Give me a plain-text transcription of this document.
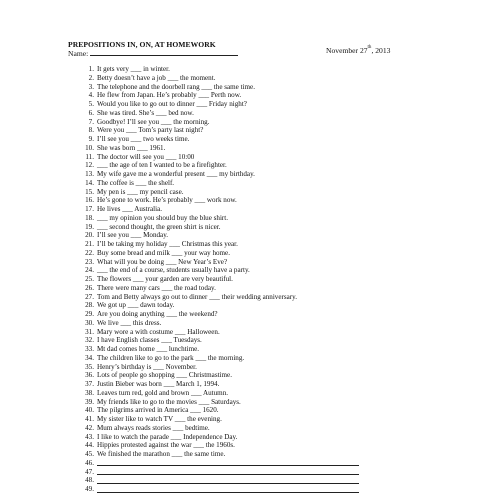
PREPOSITIONS IN, ON, AT HOMEWORK
Name:	November 27th, 2013
1. It gets very ___ in winter.
2. Betty doesn’t have a job ___ the moment.
3. The telephone and the doorbell rang ___ the same time.
4. He flew from Japan. He’s probably ___ Perth now.
5. Would you like to go out to dinner ___ Friday night?
6. She was tired. She’s ___ bed now.
7. Goodbye! I’ll see you ___ the morning.
8. Were you ___ Tom’s party last night?
9. I’ll see you ___ two weeks time.
10. She was born ___ 1961.
11. The doctor will see you ___ 10:00
12. ___ the age of ten I wanted to be a firefighter.
13. My wife gave me a wonderful present ___ my birthday.
14. The coffee is ___ the shelf.
15. My pen is ___ my pencil case.
16. He’s gone to work. He’s probably ___ work now.
17. He lives ___ Australia.
18. ___ my opinion you should buy the blue shirt.
19. ___ second thought, the green shirt is nicer.
20. I’ll see you ___ Monday.
21. I’ll be taking my holiday ___ Christmas this year.
22. Buy some bread and milk ___ your way home.
23. What will you be doing ___ New Year’s Eve?
24. ___ the end of a course, students usually have a party.
25. The flowers ___ your garden are very beautiful.
26. There were many cars ___ the road today.
27. Tom and Betty always go out to dinner ___ their wedding anniversary.
28. We got up ___ dawn today.
29. Are you doing anything ___ the weekend?
30. We live ___ this dress.
31. Mary wore a with costume ___ Halloween.
32. I have English classes ___ Tuesdays.
33. Mt dad comes home ___ lunchtime.
34. The children like to go to the park ___ the morning.
35. Henry’s birthday is ___ November.
36. Lots of people go shopping ___ Christmastime.
37. Justin Bieber was born ___ March 1, 1994.
38. Leaves turn red, gold and brown ___ Autumn.
39. My friends like to go to the movies ___ Saturdays.
40. The pilgrims arrived in America ___ 1620.
41. My sister like to watch TV ___ the evening.
42. Mum always reads stories ___ bedtime.
43. I like to watch the parade ___ Independence Day.
44. Hippies protested against the war ___ the 1960s.
45. We finished the marathon ___ the same time.
46.
47.
48.
49.
